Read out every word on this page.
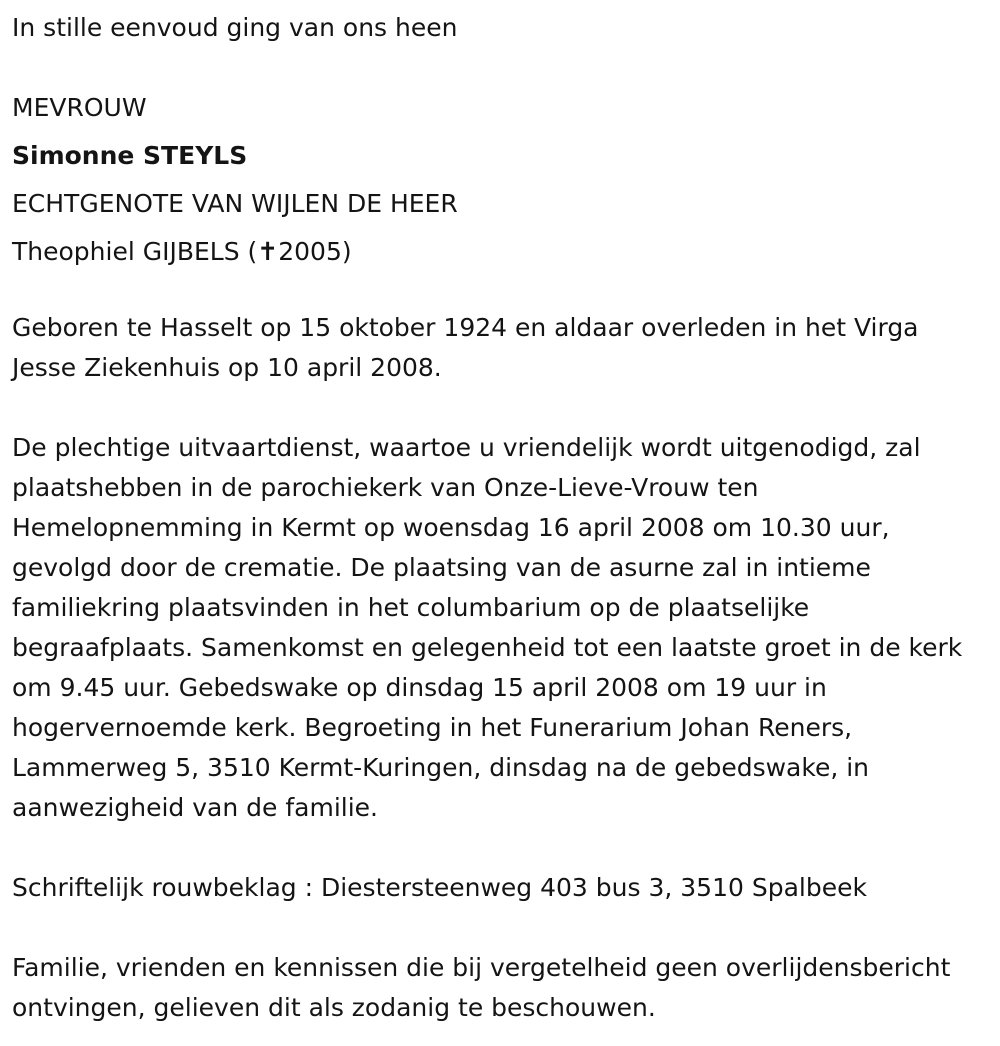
In stille eenvoud ging van ons heen

MEVROUW

Simonne STEYLS

ECHTGENOTE VAN WIJLEN DE HEER

Theophiel GIJBELS (✝2005)

Geboren te Hasselt op 15 oktober 1924 en aldaar overleden in het Virga Jesse Ziekenhuis op 10 april 2008.

De plechtige uitvaartdienst, waartoe u vriendelijk wordt uitgenodigd, zal plaatshebben in de parochiekerk van Onze-Lieve-Vrouw ten Hemelopnemming in Kermt op woensdag 16 april 2008 om 10.30 uur, gevolgd door de crematie. De plaatsing van de asurne zal in intieme familiekring plaatsvinden in het columbarium op de plaatselijke begraafplaats. Samenkomst en gelegenheid tot een laatste groet in de kerk om 9.45 uur. Gebedswake op dinsdag 15 april 2008 om 19 uur in hogervernoemde kerk. Begroeting in het Funerarium Johan Reners, Lammerweg 5, 3510 Kermt-Kuringen, dinsdag na de gebedswake, in aanwezigheid van de familie.

Schriftelijk rouwbeklag : Diestersteenweg 403 bus 3, 3510 Spalbeek

Familie, vrienden en kennissen die bij vergetelheid geen overlijdensbericht ontvingen, gelieven dit als zodanig te beschouwen.
